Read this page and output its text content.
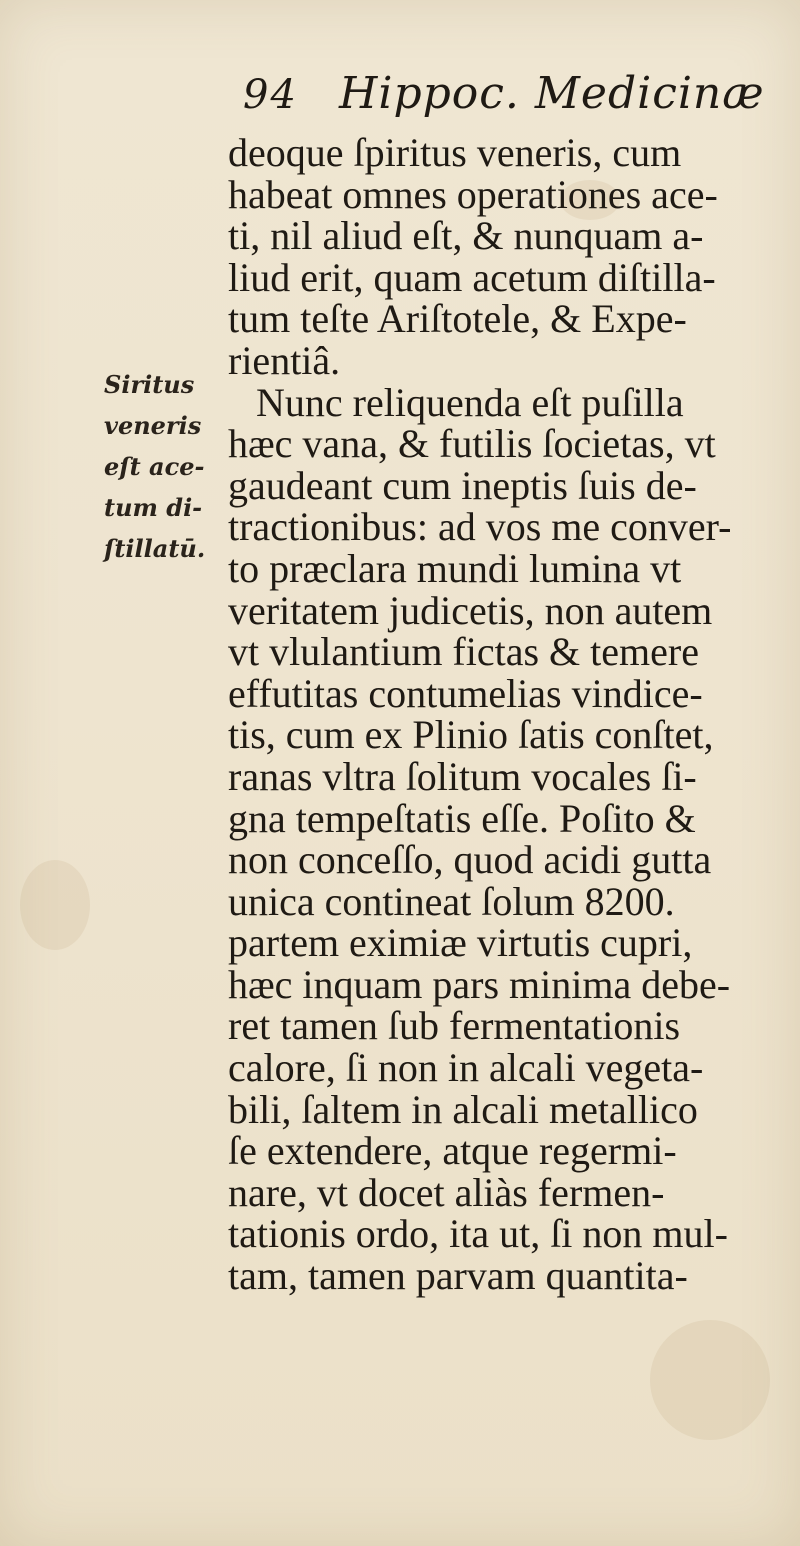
94 Hippoc. Medicinæ
Siritus
veneris
eſt ace-
tum di-
ſtillatū.
deoque ſpiritus veneris, cum
habeat omnes operationes ace-
ti, nil aliud eſt, & nunquam a-
liud erit, quam acetum diſtilla-
tum teſte Ariſtotele, & Expe-
rientiâ.
Nunc reliquenda eſt puſilla
hæc vana, & futilis ſocietas, vt
gaudeant cum ineptis ſuis de-
tractionibus: ad vos me conver-
to præclara mundi lumina vt
veritatem judicetis, non autem
vt vlulantium fictas & temere
effutitas contumelias vindice-
tis, cum ex Plinio ſatis conſtet,
ranas vltra ſolitum vocales ſi-
gna tempeſtatis eſſe. Poſito &
non conceſſo, quod acidi gutta
unica contineat ſolum 8200.
partem eximiæ virtutis cupri,
hæc inquam pars minima debe-
ret tamen ſub fermentationis
calore, ſi non in alcali vegeta-
bili, ſaltem in alcali metallico
ſe extendere, atque regermi-
nare, vt docet aliàs fermen-
tationis ordo, ita ut, ſi non mul-
tam, tamen parvam quantita-
